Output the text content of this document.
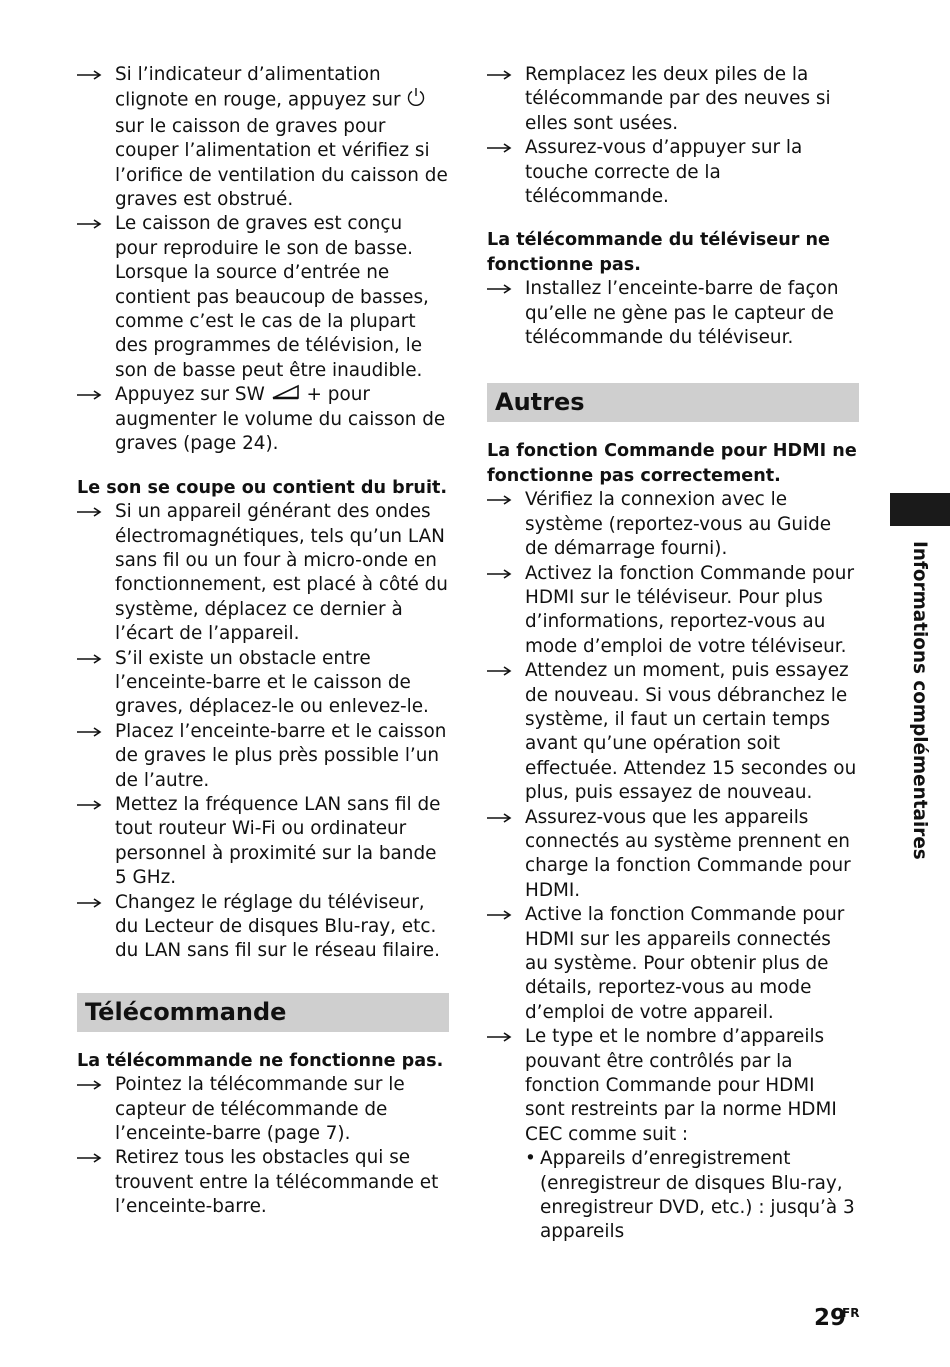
Si l’indicateur d’alimentation clignote en rouge, appuyez sur  sur le caisson de graves pour couper l’alimentation et vérifiez si l’orifice de ventilation du caisson de graves est obstrué.
Le caisson de graves est conçu pour reproduire le son de basse. Lorsque la source d’entrée ne contient pas beaucoup de basses, comme c’est le cas de la plupart des programmes de télévision, le son de basse peut être inaudible.
Appuyez sur SW + pour augmenter le volume du caisson de graves (page 24).
Le son se coupe ou contient du bruit.
Si un appareil générant des ondes électromagnétiques, tels qu’un LAN sans fil ou un four à micro-onde en fonctionnement, est placé à côté du système, déplacez ce dernier à l’écart de l’appareil.
S’il existe un obstacle entre l’enceinte-barre et le caisson de graves, déplacez-le ou enlevez-le.
Placez l’enceinte-barre et le caisson de graves le plus près possible l’un de l’autre.
Mettez la fréquence LAN sans fil de tout routeur Wi-Fi ou ordinateur personnel à proximité sur la bande 5 GHz.
Changez le réglage du téléviseur, du Lecteur de disques Blu-ray, etc. du LAN sans fil sur le réseau filaire.
Télécommande
La télécommande ne fonctionne pas.
Pointez la télécommande sur le capteur de télécommande de l’enceinte-barre (page 7).
Retirez tous les obstacles qui se trouvent entre la télécommande et l’enceinte-barre.
Remplacez les deux piles de la télécommande par des neuves si elles sont usées.
Assurez-vous d’appuyer sur la touche correcte de la télécommande.
La télécommande du téléviseur ne fonctionne pas.
Installez l’enceinte-barre de façon qu’elle ne gène pas le capteur de télécommande du téléviseur.
Autres
La fonction Commande pour HDMI ne fonctionne pas correctement.
Vérifiez la connexion avec le système (reportez-vous au Guide de démarrage fourni).
Activez la fonction Commande pour HDMI sur le téléviseur. Pour plus d’informations, reportez-vous au mode d’emploi de votre téléviseur.
Attendez un moment, puis essayez de nouveau. Si vous débranchez le système, il faut un certain temps avant qu’une opération soit effectuée. Attendez 15 secondes ou plus, puis essayez de nouveau.
Assurez-vous que les appareils connectés au système prennent en charge la fonction Commande pour HDMI.
Active la fonction Commande pour HDMI sur les appareils connectés au système. Pour obtenir plus de détails, reportez-vous au mode d’emploi de votre appareil.
Le type et le nombre d’appareils pouvant être contrôlés par la fonction Commande pour HDMI sont restreints par la norme HDMI CEC comme suit :
• Appareils d’enregistrement (enregistreur de disques Blu-ray, enregistreur DVD, etc.) : jusqu’à 3 appareils
Informations complémentaires
29
FR
